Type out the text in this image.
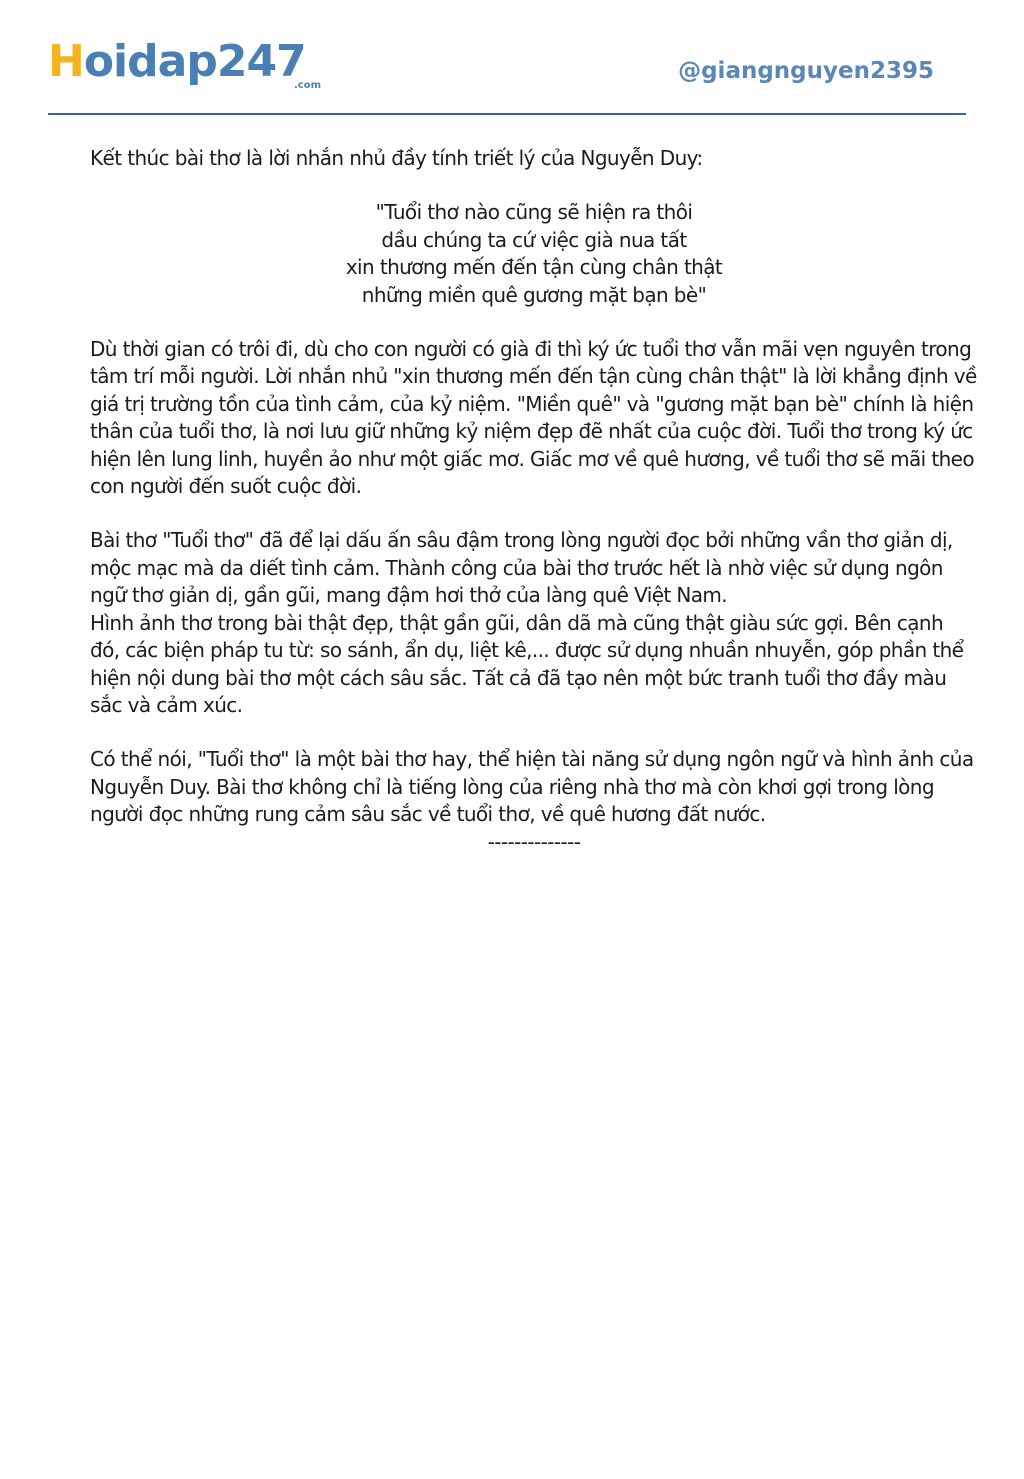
Hoidap247
.com
@giangnguyen2395

Kết thúc bài thơ là lời nhắn nhủ đầy tính triết lý của Nguyễn Duy:

"Tuổi thơ nào cũng sẽ hiện ra thôi
dầu chúng ta cứ việc già nua tất
xin thương mến đến tận cùng chân thật
những miền quê gương mặt bạn bè"

Dù thời gian có trôi đi, dù cho con người có già đi thì ký ức tuổi thơ vẫn mãi vẹn nguyên trong tâm trí mỗi người. Lời nhắn nhủ "xin thương mến đến tận cùng chân thật" là lời khẳng định về giá trị trường tồn của tình cảm, của kỷ niệm. "Miền quê" và "gương mặt bạn bè" chính là hiện thân của tuổi thơ, là nơi lưu giữ những kỷ niệm đẹp đẽ nhất của cuộc đời. Tuổi thơ trong ký ức hiện lên lung linh, huyền ảo như một giấc mơ. Giấc mơ về quê hương, về tuổi thơ sẽ mãi theo con người đến suốt cuộc đời.

Bài thơ "Tuổi thơ" đã để lại dấu ấn sâu đậm trong lòng người đọc bởi những vần thơ giản dị, mộc mạc mà da diết tình cảm. Thành công của bài thơ trước hết là nhờ việc sử dụng ngôn ngữ thơ giản dị, gần gũi, mang đậm hơi thở của làng quê Việt Nam.

Hình ảnh thơ trong bài thật đẹp, thật gần gũi, dân dã mà cũng thật giàu sức gợi. Bên cạnh đó, các biện pháp tu từ: so sánh, ẩn dụ, liệt kê,... được sử dụng nhuần nhuyễn, góp phần thể hiện nội dung bài thơ một cách sâu sắc. Tất cả đã tạo nên một bức tranh tuổi thơ đầy màu sắc và cảm xúc.

Có thể nói, "Tuổi thơ" là một bài thơ hay, thể hiện tài năng sử dụng ngôn ngữ và hình ảnh của Nguyễn Duy. Bài thơ không chỉ là tiếng lòng của riêng nhà thơ mà còn khơi gợi trong lòng người đọc những rung cảm sâu sắc về tuổi thơ, về quê hương đất nước.

--------------
